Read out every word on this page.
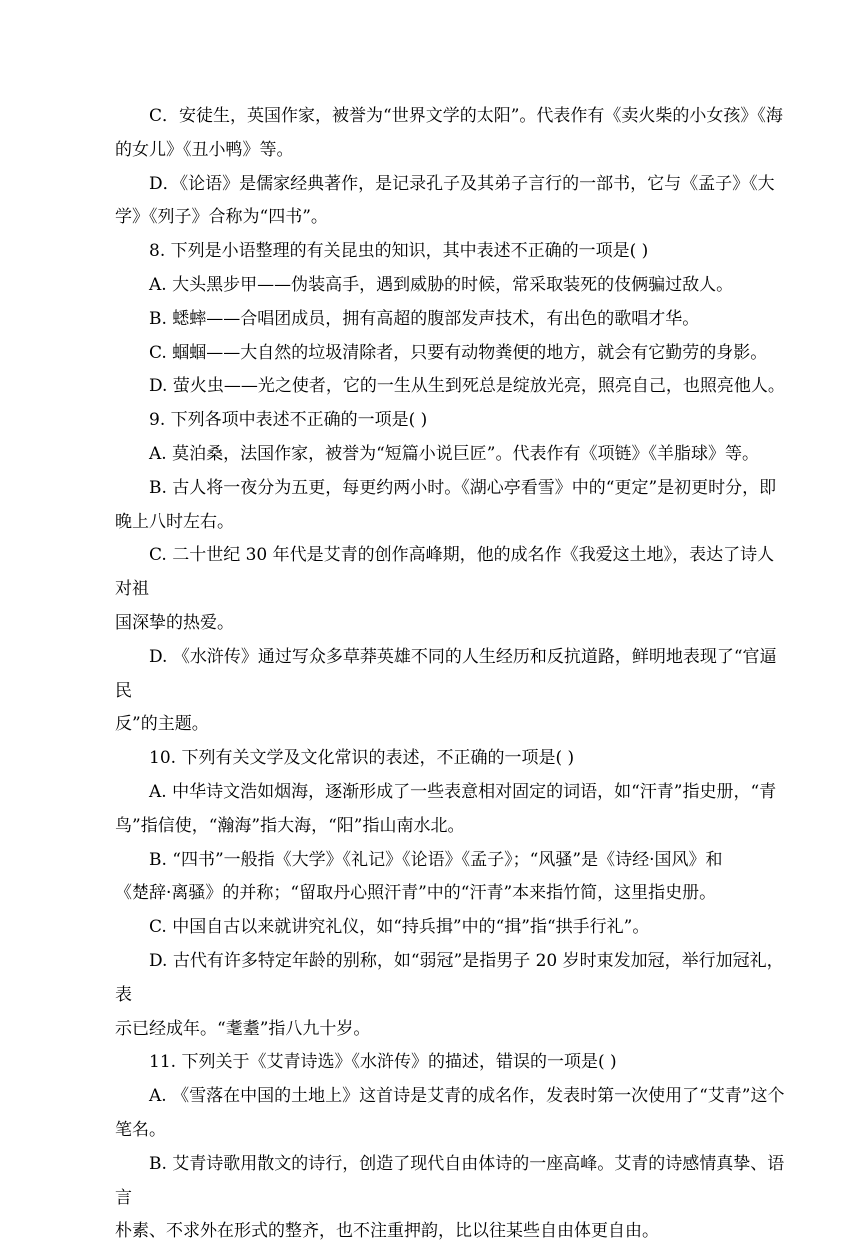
C．安徒生，英国作家，被誉为“世界文学的太阳”。代表作有《卖火柴的小女孩》《海

的女儿》《丑小鸭》等。

D．《论语》是儒家经典著作，是记录孔子及其弟子言行的一部书，它与《孟子》《大

学》《列子》合称为“四书”。

8. 下列是小语整理的有关昆虫的知识，其中表述不正确的一项是( )

A. 大头黑步甲——伪装高手，遇到威胁的时候，常采取装死的伎俩骗过敌人。

B. 蟋蟀——合唱团成员，拥有高超的腹部发声技术，有出色的歌唱才华。

C. 蝈蝈——大自然的垃圾清除者，只要有动物粪便的地方，就会有它勤劳的身影。

D. 萤火虫——光之使者，它的一生从生到死总是绽放光亮，照亮自己，也照亮他人。

9. 下列各项中表述不正确的一项是( )

A. 莫泊桑，法国作家，被誉为“短篇小说巨匠”。代表作有《项链》《羊脂球》等。

B. 古人将一夜分为五更，每更约两小时。《湖心亭看雪》中的“更定”是初更时分，即

晚上八时左右。

C. 二十世纪 30 年代是艾青的创作高峰期，他的成名作《我爱这土地》，表达了诗人对祖

国深挚的热爱。

D. 《水浒传》通过写众多草莽英雄不同的人生经历和反抗道路，鲜明地表现了“官逼民

反”的主题。

10. 下列有关文学及文化常识的表述，不正确的一项是( )

A. 中华诗文浩如烟海，逐渐形成了一些表意相对固定的词语，如“汗青”指史册，“青

鸟”指信使，“瀚海”指大海，“阳”指山南水北。

B. “四书”一般指《大学》《礼记》《论语》《孟子》；“风骚”是《诗经·国风》和

《楚辞·离骚》的并称；“留取丹心照汗青”中的“汗青”本来指竹简，这里指史册。

C. 中国自古以来就讲究礼仪，如“持兵揖”中的“揖”指“拱手行礼”。

D. 古代有许多特定年龄的别称，如“弱冠”是指男子 20 岁时束发加冠，举行加冠礼，表

示已经成年。“耄耋”指八九十岁。

11. 下列关于《艾青诗选》《水浒传》的描述，错误的一项是( )

A. 《雪落在中国的土地上》这首诗是艾青的成名作，发表时第一次使用了“艾青”这个

笔名。

B. 艾青诗歌用散文的诗行，创造了现代自由体诗的一座高峰。艾青的诗感情真挚、语言

朴素、不求外在形式的整齐，也不注重押韵，比以往某些自由体更自由。
